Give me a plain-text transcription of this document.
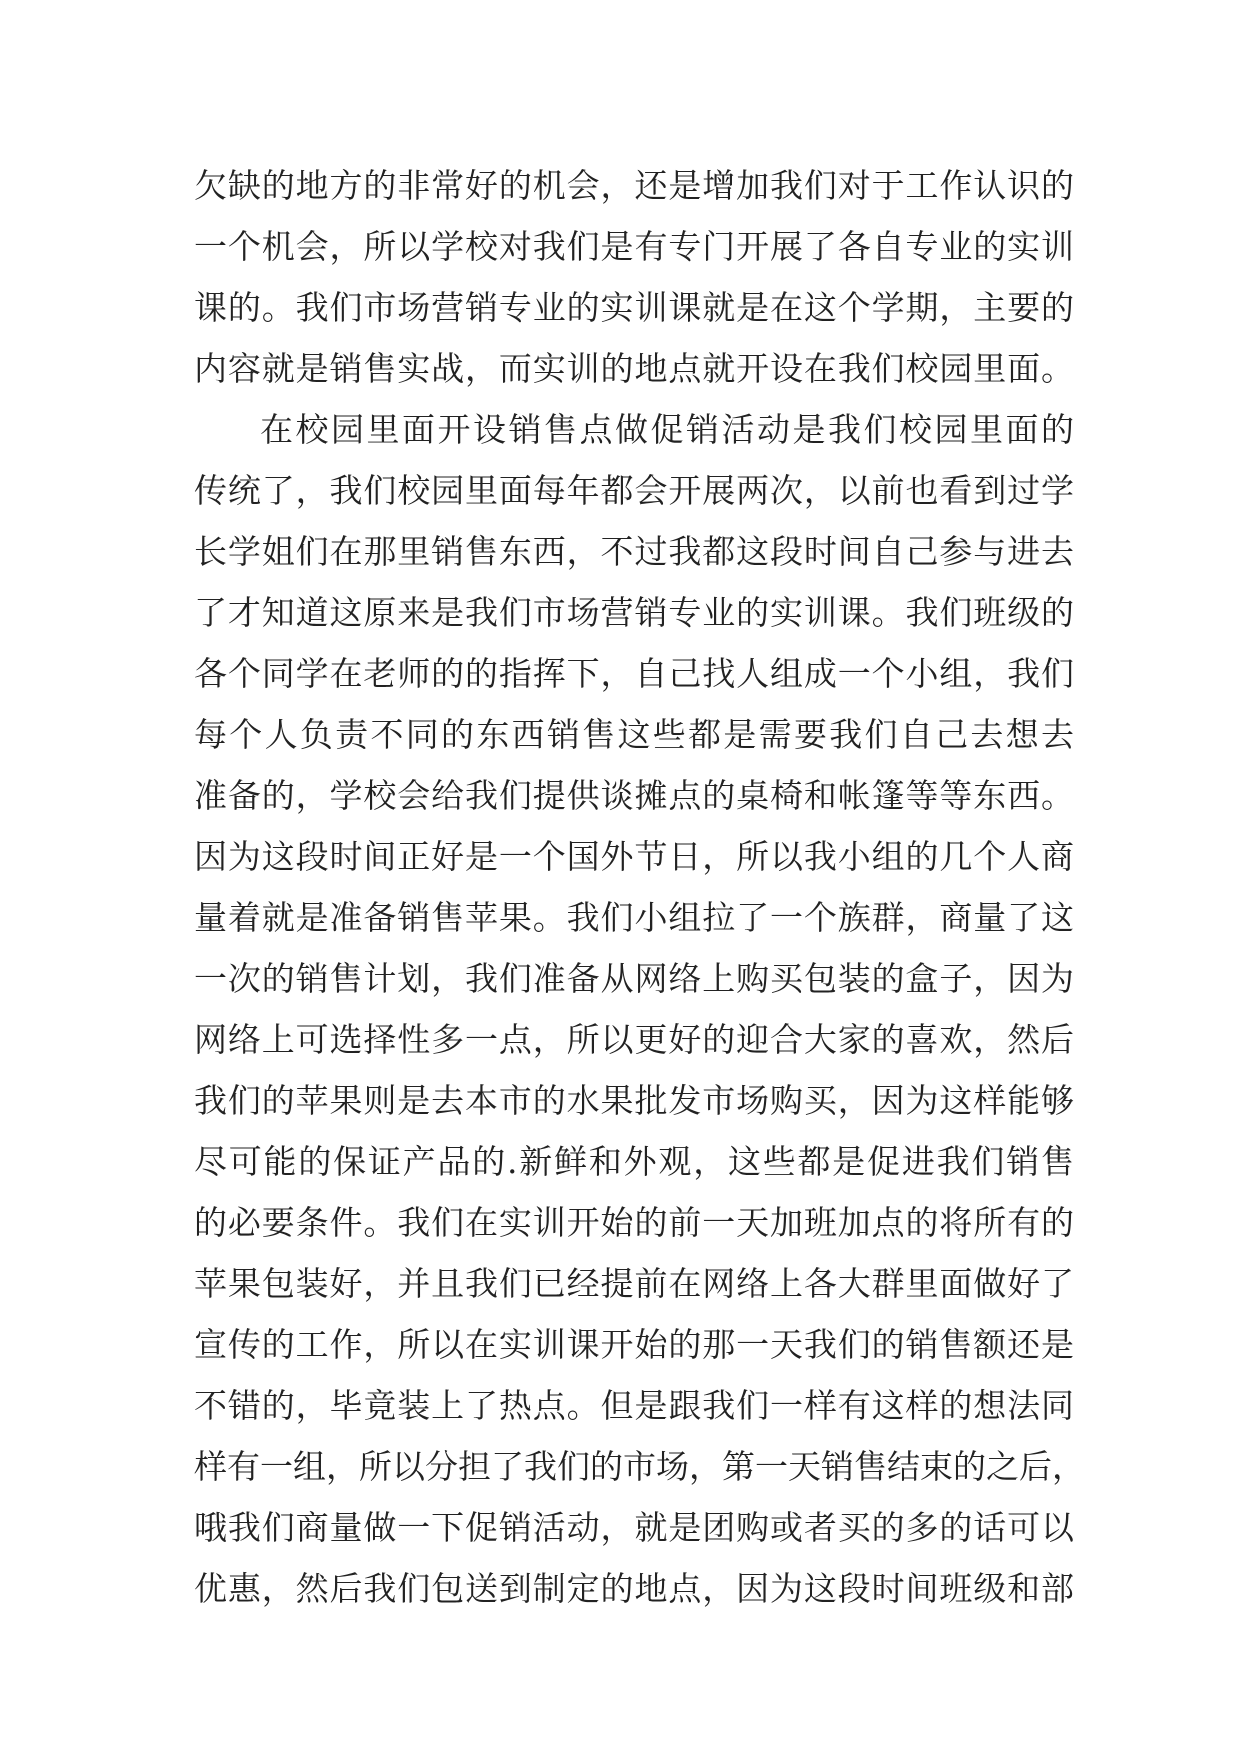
欠缺的地方的非常好的机会，还是增加我们对于工作认识的
一个机会，所以学校对我们是有专门开展了各自专业的实训
课的。我们市场营销专业的实训课就是在这个学期，主要的
内容就是销售实战，而实训的地点就开设在我们校园里面。
在校园里面开设销售点做促销活动是我们校园里面的
传统了，我们校园里面每年都会开展两次，以前也看到过学
长学姐们在那里销售东西，不过我都这段时间自己参与进去
了才知道这原来是我们市场营销专业的实训课。我们班级的
各个同学在老师的的指挥下，自己找人组成一个小组，我们
每个人负责不同的东西销售这些都是需要我们自己去想去
准备的，学校会给我们提供谈摊点的桌椅和帐篷等等东西。
因为这段时间正好是一个国外节日，所以我小组的几个人商
量着就是准备销售苹果。我们小组拉了一个族群，商量了这
一次的销售计划，我们准备从网络上购买包装的盒子，因为
网络上可选择性多一点，所以更好的迎合大家的喜欢，然后
我们的苹果则是去本市的水果批发市场购买，因为这样能够
尽可能的保证产品的.新鲜和外观，这些都是促进我们销售
的必要条件。我们在实训开始的前一天加班加点的将所有的
苹果包装好，并且我们已经提前在网络上各大群里面做好了
宣传的工作，所以在实训课开始的那一天我们的销售额还是
不错的，毕竟装上了热点。但是跟我们一样有这样的想法同
样有一组，所以分担了我们的市场，第一天销售结束的之后，
哦我们商量做一下促销活动，就是团购或者买的多的话可以
优惠，然后我们包送到制定的地点，因为这段时间班级和部
